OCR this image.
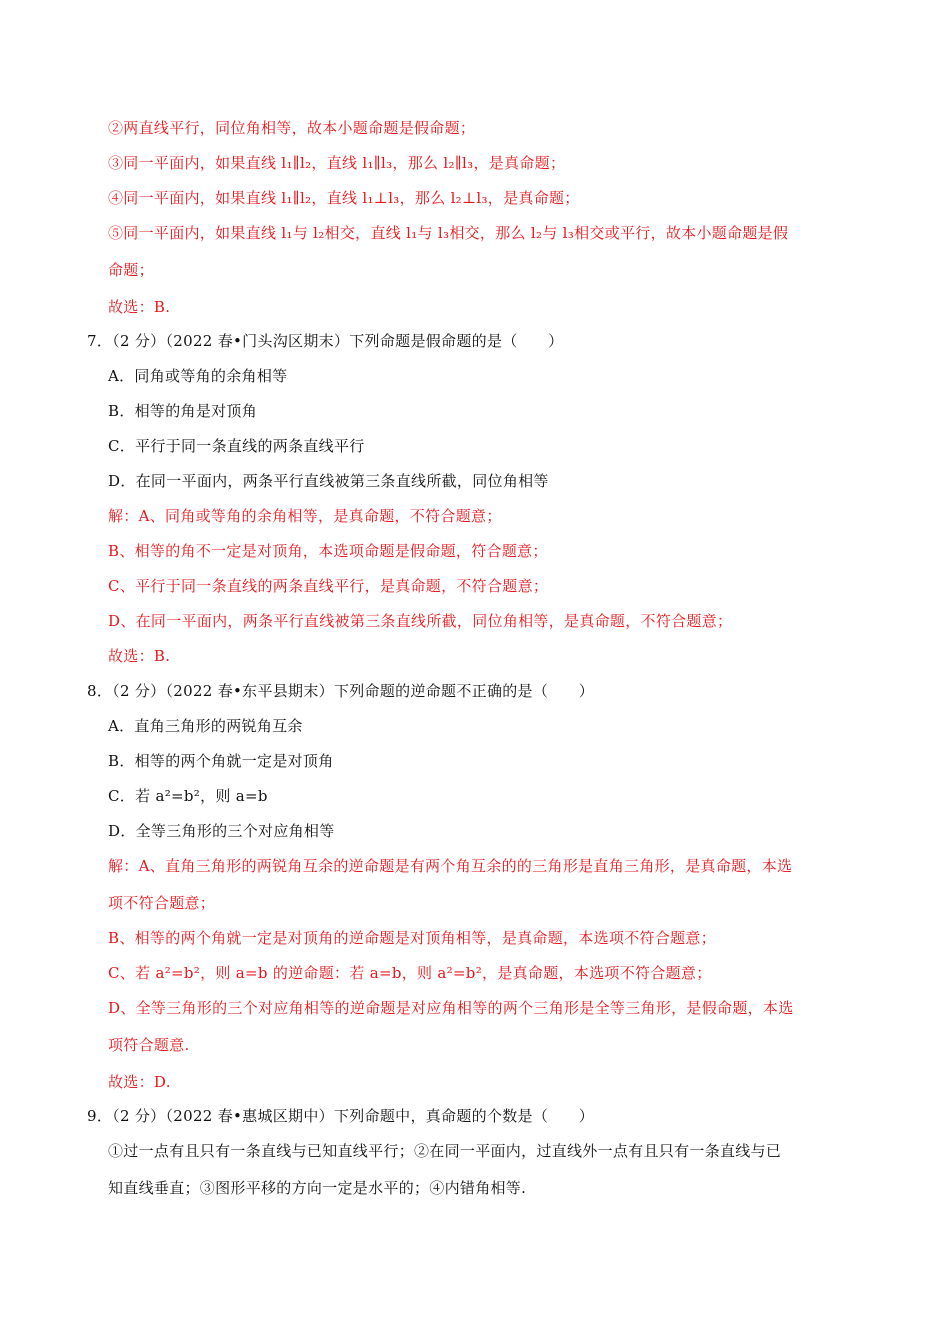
②两直线平行，同位角相等，故本小题命题是假命题；
③同一平面内，如果直线 l₁∥l₂，直线 l₁∥l₃，那么 l₂∥l₃，是真命题；
④同一平面内，如果直线 l₁∥l₂，直线 l₁⊥l₃，那么 l₂⊥l₃，是真命题；
⑤同一平面内，如果直线 l₁与 l₂相交，直线 l₁与 l₃相交，那么 l₂与 l₃相交或平行，故本小题命题是假
命题；
故选：B.
7．（2 分）（2022 春•门头沟区期末）下列命题是假命题的是（　　）
A．同角或等角的余角相等
B．相等的角是对顶角
C．平行于同一条直线的两条直线平行
D．在同一平面内，两条平行直线被第三条直线所截，同位角相等
解：A、同角或等角的余角相等，是真命题，不符合题意；
B、相等的角不一定是对顶角，本选项命题是假命题，符合题意；
C、平行于同一条直线的两条直线平行，是真命题，不符合题意；
D、在同一平面内，两条平行直线被第三条直线所截，同位角相等，是真命题，不符合题意；
故选：B.
8．（2 分）（2022 春•东平县期末）下列命题的逆命题不正确的是（　　）
A．直角三角形的两锐角互余
B．相等的两个角就一定是对顶角
C．若 a²=b²，则 a=b
D．全等三角形的三个对应角相等
解：A、直角三角形的两锐角互余的逆命题是有两个角互余的的三角形是直角三角形，是真命题，本选
项不符合题意；
B、相等的两个角就一定是对顶角的逆命题是对顶角相等，是真命题，本选项不符合题意；
C、若 a²=b²，则 a=b 的逆命题：若 a=b，则 a²=b²，是真命题，本选项不符合题意；
D、全等三角形的三个对应角相等的逆命题是对应角相等的两个三角形是全等三角形，是假命题，本选
项符合题意.
故选：D.
9．（2 分）（2022 春•惠城区期中）下列命题中，真命题的个数是（　　）
①过一点有且只有一条直线与已知直线平行；②在同一平面内，过直线外一点有且只有一条直线与已
知直线垂直；③图形平移的方向一定是水平的；④内错角相等.
